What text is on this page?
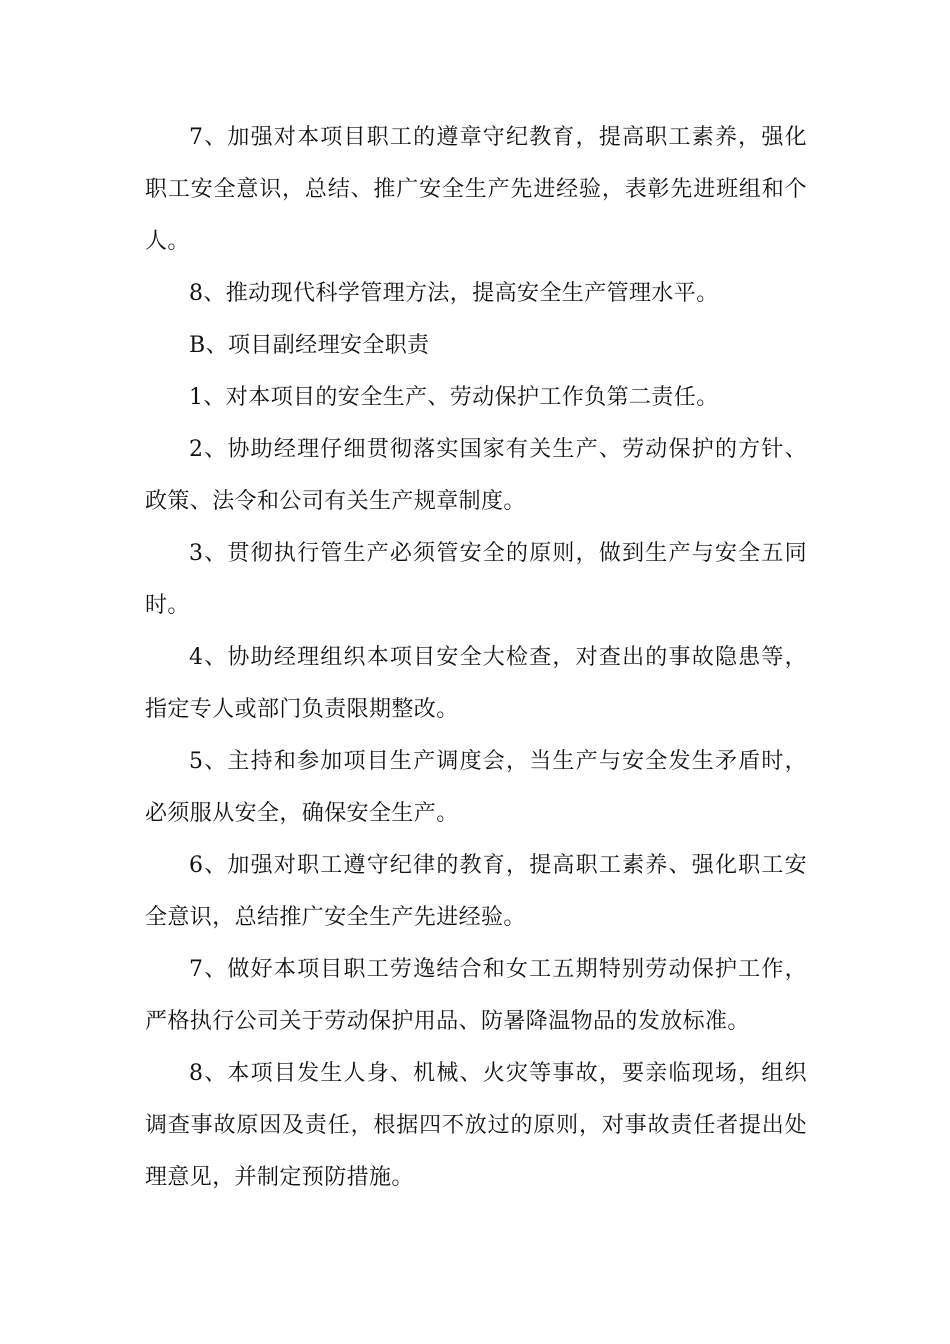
7、加强对本项目职工的遵章守纪教育，提高职工素养，强化职工安全意识，总结、推广安全生产先进经验，表彰先进班组和个人。

8、推动现代科学管理方法，提高安全生产管理水平。

B、项目副经理安全职责

1、对本项目的安全生产、劳动保护工作负第二责任。

2、协助经理仔细贯彻落实国家有关生产、劳动保护的方针、政策、法令和公司有关生产规章制度。

3、贯彻执行管生产必须管安全的原则，做到生产与安全五同时。

4、协助经理组织本项目安全大检查，对查出的事故隐患等，指定专人或部门负责限期整改。

5、主持和参加项目生产调度会，当生产与安全发生矛盾时，必须服从安全，确保安全生产。

6、加强对职工遵守纪律的教育，提高职工素养、强化职工安全意识，总结推广安全生产先进经验。

7、做好本项目职工劳逸结合和女工五期特别劳动保护工作，严格执行公司关于劳动保护用品、防暑降温物品的发放标准。

8、本项目发生人身、机械、火灾等事故，要亲临现场，组织调查事故原因及责任，根据四不放过的原则，对事故责任者提出处理意见，并制定预防措施。
